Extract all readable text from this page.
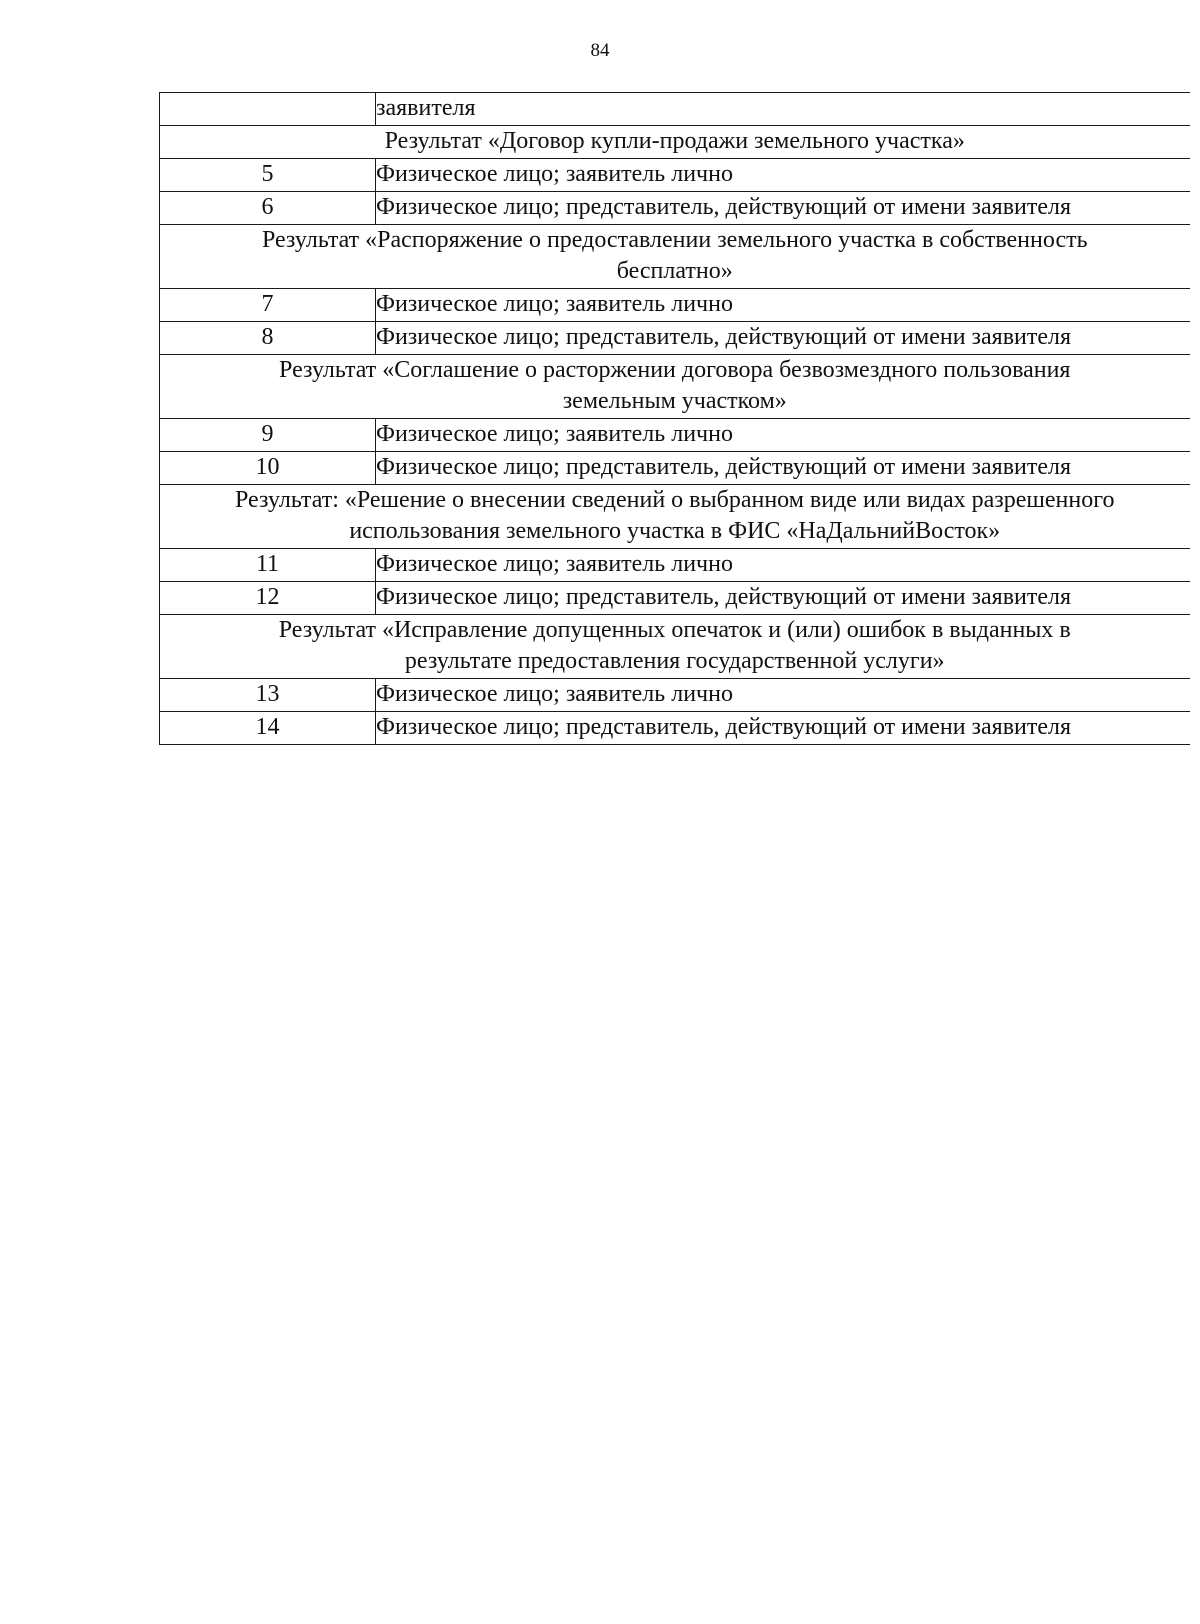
84
	заявителя

Результат «Договор купли-продажи земельного участка»	

5	Физическое лицо; заявитель лично
6	Физическое лицо; представитель, действующий от имени заявителя

Результат «Распоряжение о предоставлении земельного участка в собственность
бесплатно»	

7	Физическое лицо; заявитель лично
8	Физическое лицо; представитель, действующий от имени заявителя

Результат «Соглашение о расторжении договора безвозмездного пользования
земельным участком»	

9	Физическое лицо; заявитель лично
10	Физическое лицо; представитель, действующий от имени заявителя

Результат: «Решение о внесении сведений о выбранном виде или видах разрешенного
использования земельного участка в ФИС «НаДальнийВосток»	

11	Физическое лицо; заявитель лично
12	Физическое лицо; представитель, действующий от имени заявителя

Результат «Исправление допущенных опечаток и (или) ошибок в выданных в
результате предоставления государственной услуги»	

13	Физическое лицо; заявитель лично
14	Физическое лицо; представитель, действующий от имени заявителя
